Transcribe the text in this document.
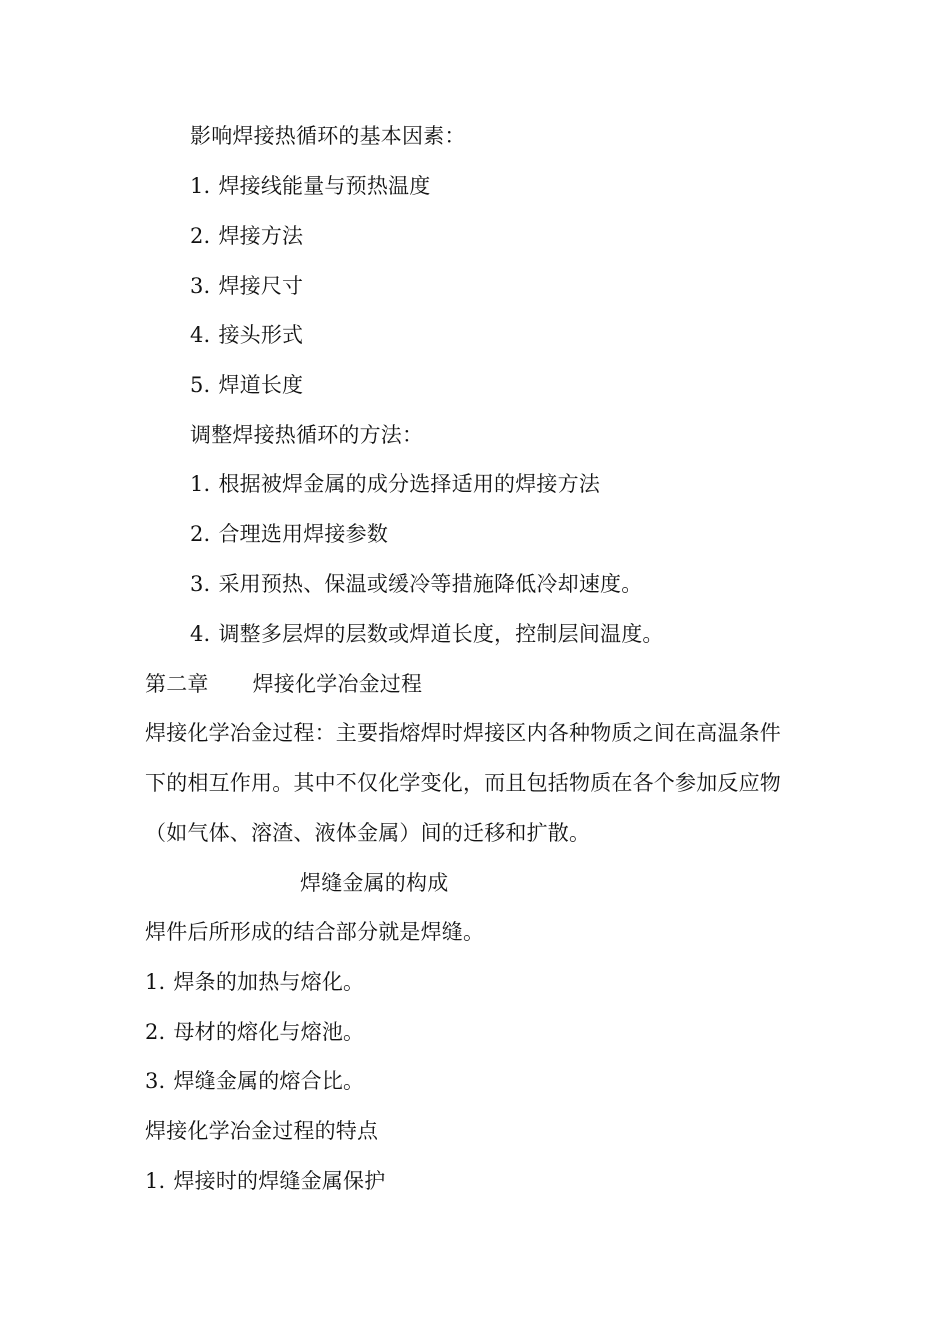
影响焊接热循环的基本因素：
1. 焊接线能量与预热温度
2. 焊接方法
3. 焊接尺寸
4. 接头形式
5. 焊道长度
调整焊接热循环的方法：
1. 根据被焊金属的成分选择适用的焊接方法
2. 合理选用焊接参数
3. 采用预热、保温或缓冷等措施降低冷却速度。
4. 调整多层焊的层数或焊道长度，控制层间温度。
第二章 焊接化学冶金过程
焊接化学冶金过程：主要指熔焊时焊接区内各种物质之间在高温条件
下的相互作用。其中不仅化学变化，而且包括物质在各个参加反应物
（如气体、溶渣、液体金属）间的迁移和扩散。
焊缝金属的构成
焊件后所形成的结合部分就是焊缝。
1. 焊条的加热与熔化。
2. 母材的熔化与熔池。
3. 焊缝金属的熔合比。
焊接化学冶金过程的特点
1. 焊接时的焊缝金属保护
